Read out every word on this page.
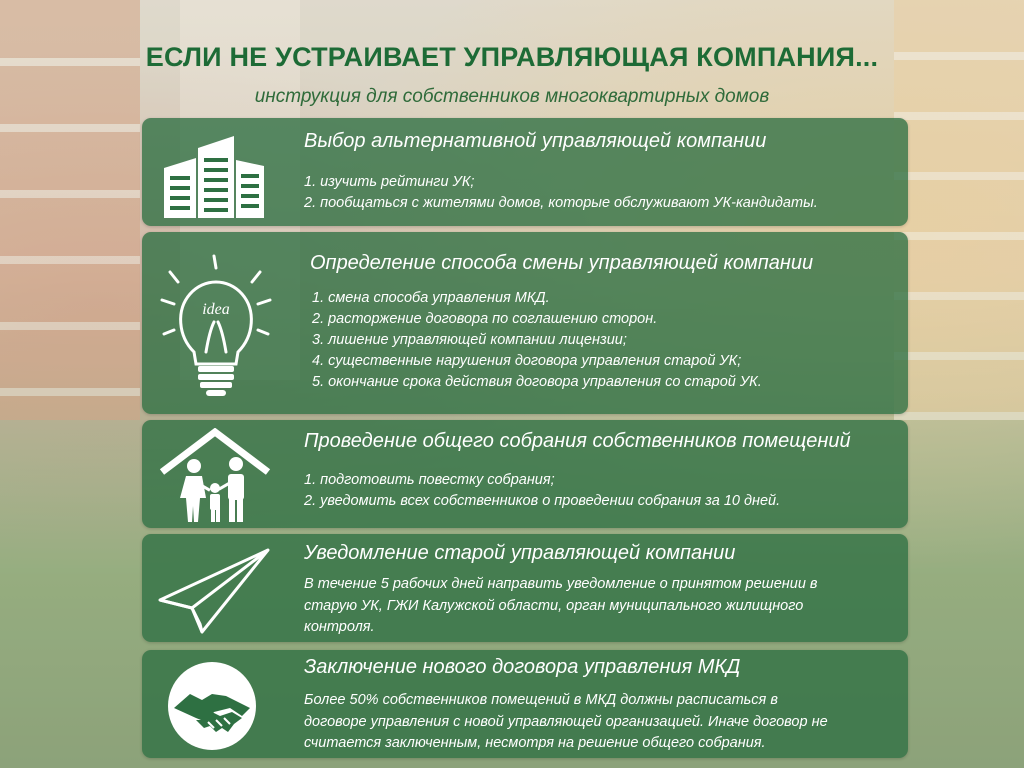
ЕСЛИ НЕ УСТРАИВАЕТ УПРАВЛЯЮЩАЯ КОМПАНИЯ...
инструкция для собственников многоквартирных домов
Выбор альтернативной управляющей компании
1. изучить рейтинги УК;
2. пообщаться с жителями домов, которые обслуживают УК-кандидаты.
idea
Определение способа смены управляющей компании
1. смена способа управления МКД.
2. расторжение договора по соглашению сторон.
3. лишение управляющей компании лицензии;
4. существенные нарушения договора управления старой УК;
5. окончание срока действия договора управления со старой УК.
Проведение общего собрания собственников помещений
1. подготовить повестку собрания;
2. уведомить всех собственников о проведении собрания за 10 дней.
Уведомление старой управляющей компании
В течение 5 рабочих дней направить уведомление о принятом решении в
старую УК, ГЖИ Калужской области, орган муниципального жилищного
контроля.
Заключение нового договора управления МКД
Более 50% собственников помещений в МКД должны расписаться в
договоре управления с новой управляющей организацией. Иначе договор не
считается заключенным, несмотря на решение общего собрания.
